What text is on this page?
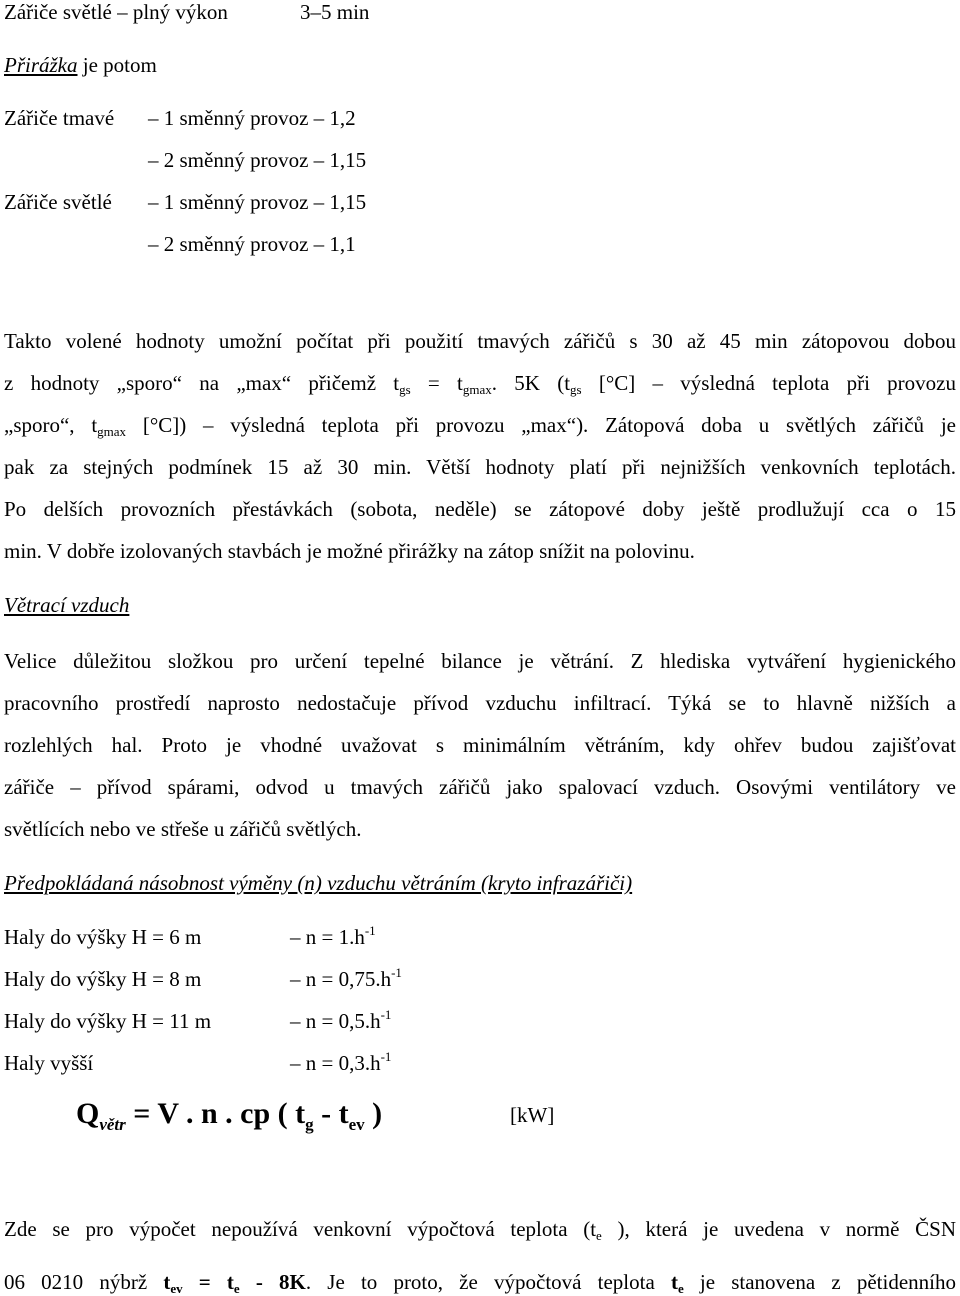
Zářiče světlé – plný výkon	3–5 min
Přirážka je potom
Zářiče tmavé – 1 směnný provoz – 1,2
– 2 směnný provoz – 1,15
Zářiče světlé – 1 směnný provoz – 1,15
– 2 směnný provoz – 1,1
Takto volené hodnoty umožní počítat při použití tmavých zářičů s 30 až 45 min zátopovou dobou
z hodnoty „sporo“ na „max“ přičemž $t_{gs} = t_{gmax}$. 5K ($t_{gs}$ [°C] – výsledná teplota při provozu
„sporo“, $t_{gmax}$ [°C]) – výsledná teplota při provozu „max“). Zátopová doba u světlých zářičů je
pak za stejných podmínek 15 až 30 min. Větší hodnoty platí při nejnižších venkovních teplotách.
Po delších provozních přestávkách (sobota, neděle) se zátopové doby ještě prodlužují cca o 15
min. V dobře izolovaných stavbách je možné přirážky na zátop snížit na polovinu.
Větrací vzduch
Velice důležitou složkou pro určení tepelné bilance je větrání. Z hlediska vytváření hygienického
pracovního prostředí naprosto nedostačuje přívod vzduchu infiltrací. Týká se to hlavně nižších a
rozlehlých hal. Proto je vhodné uvažovat s minimálním větráním, kdy ohřev budou zajišťovat
zářiče – přívod spárami, odvod u tmavých zářičů jako spalovací vzduch. Osovými ventilátory ve
světlících nebo ve střeše u zářičů světlých.
Předpokládaná násobnost výměny (n) vzduchu větráním (kryto infrazářiči)
Haly do výšky H = 6 m	– $n = 1.h^{-1}$
Haly do výšky H = 8 m	– $n = 0,75.h^{-1}$
Haly do výšky H = 11 m	– $n = 0,5.h^{-1}$
Haly vyšší	– $n = 0,3.h^{-1}$
$Q_{větr} = V$ . n . cp ( $t_g - t_{ev}$ )	[kW]
Zde se pro výpočet nepoužívá venkovní výpočtová teplota ($t_e$ ), která je uvedena v normě ČSN
06 0210 nýbrž $t_{ev} = t_e - 8K$. Je to proto, že výpočtová teplota $t_e$ je stanovena z pětidenního
